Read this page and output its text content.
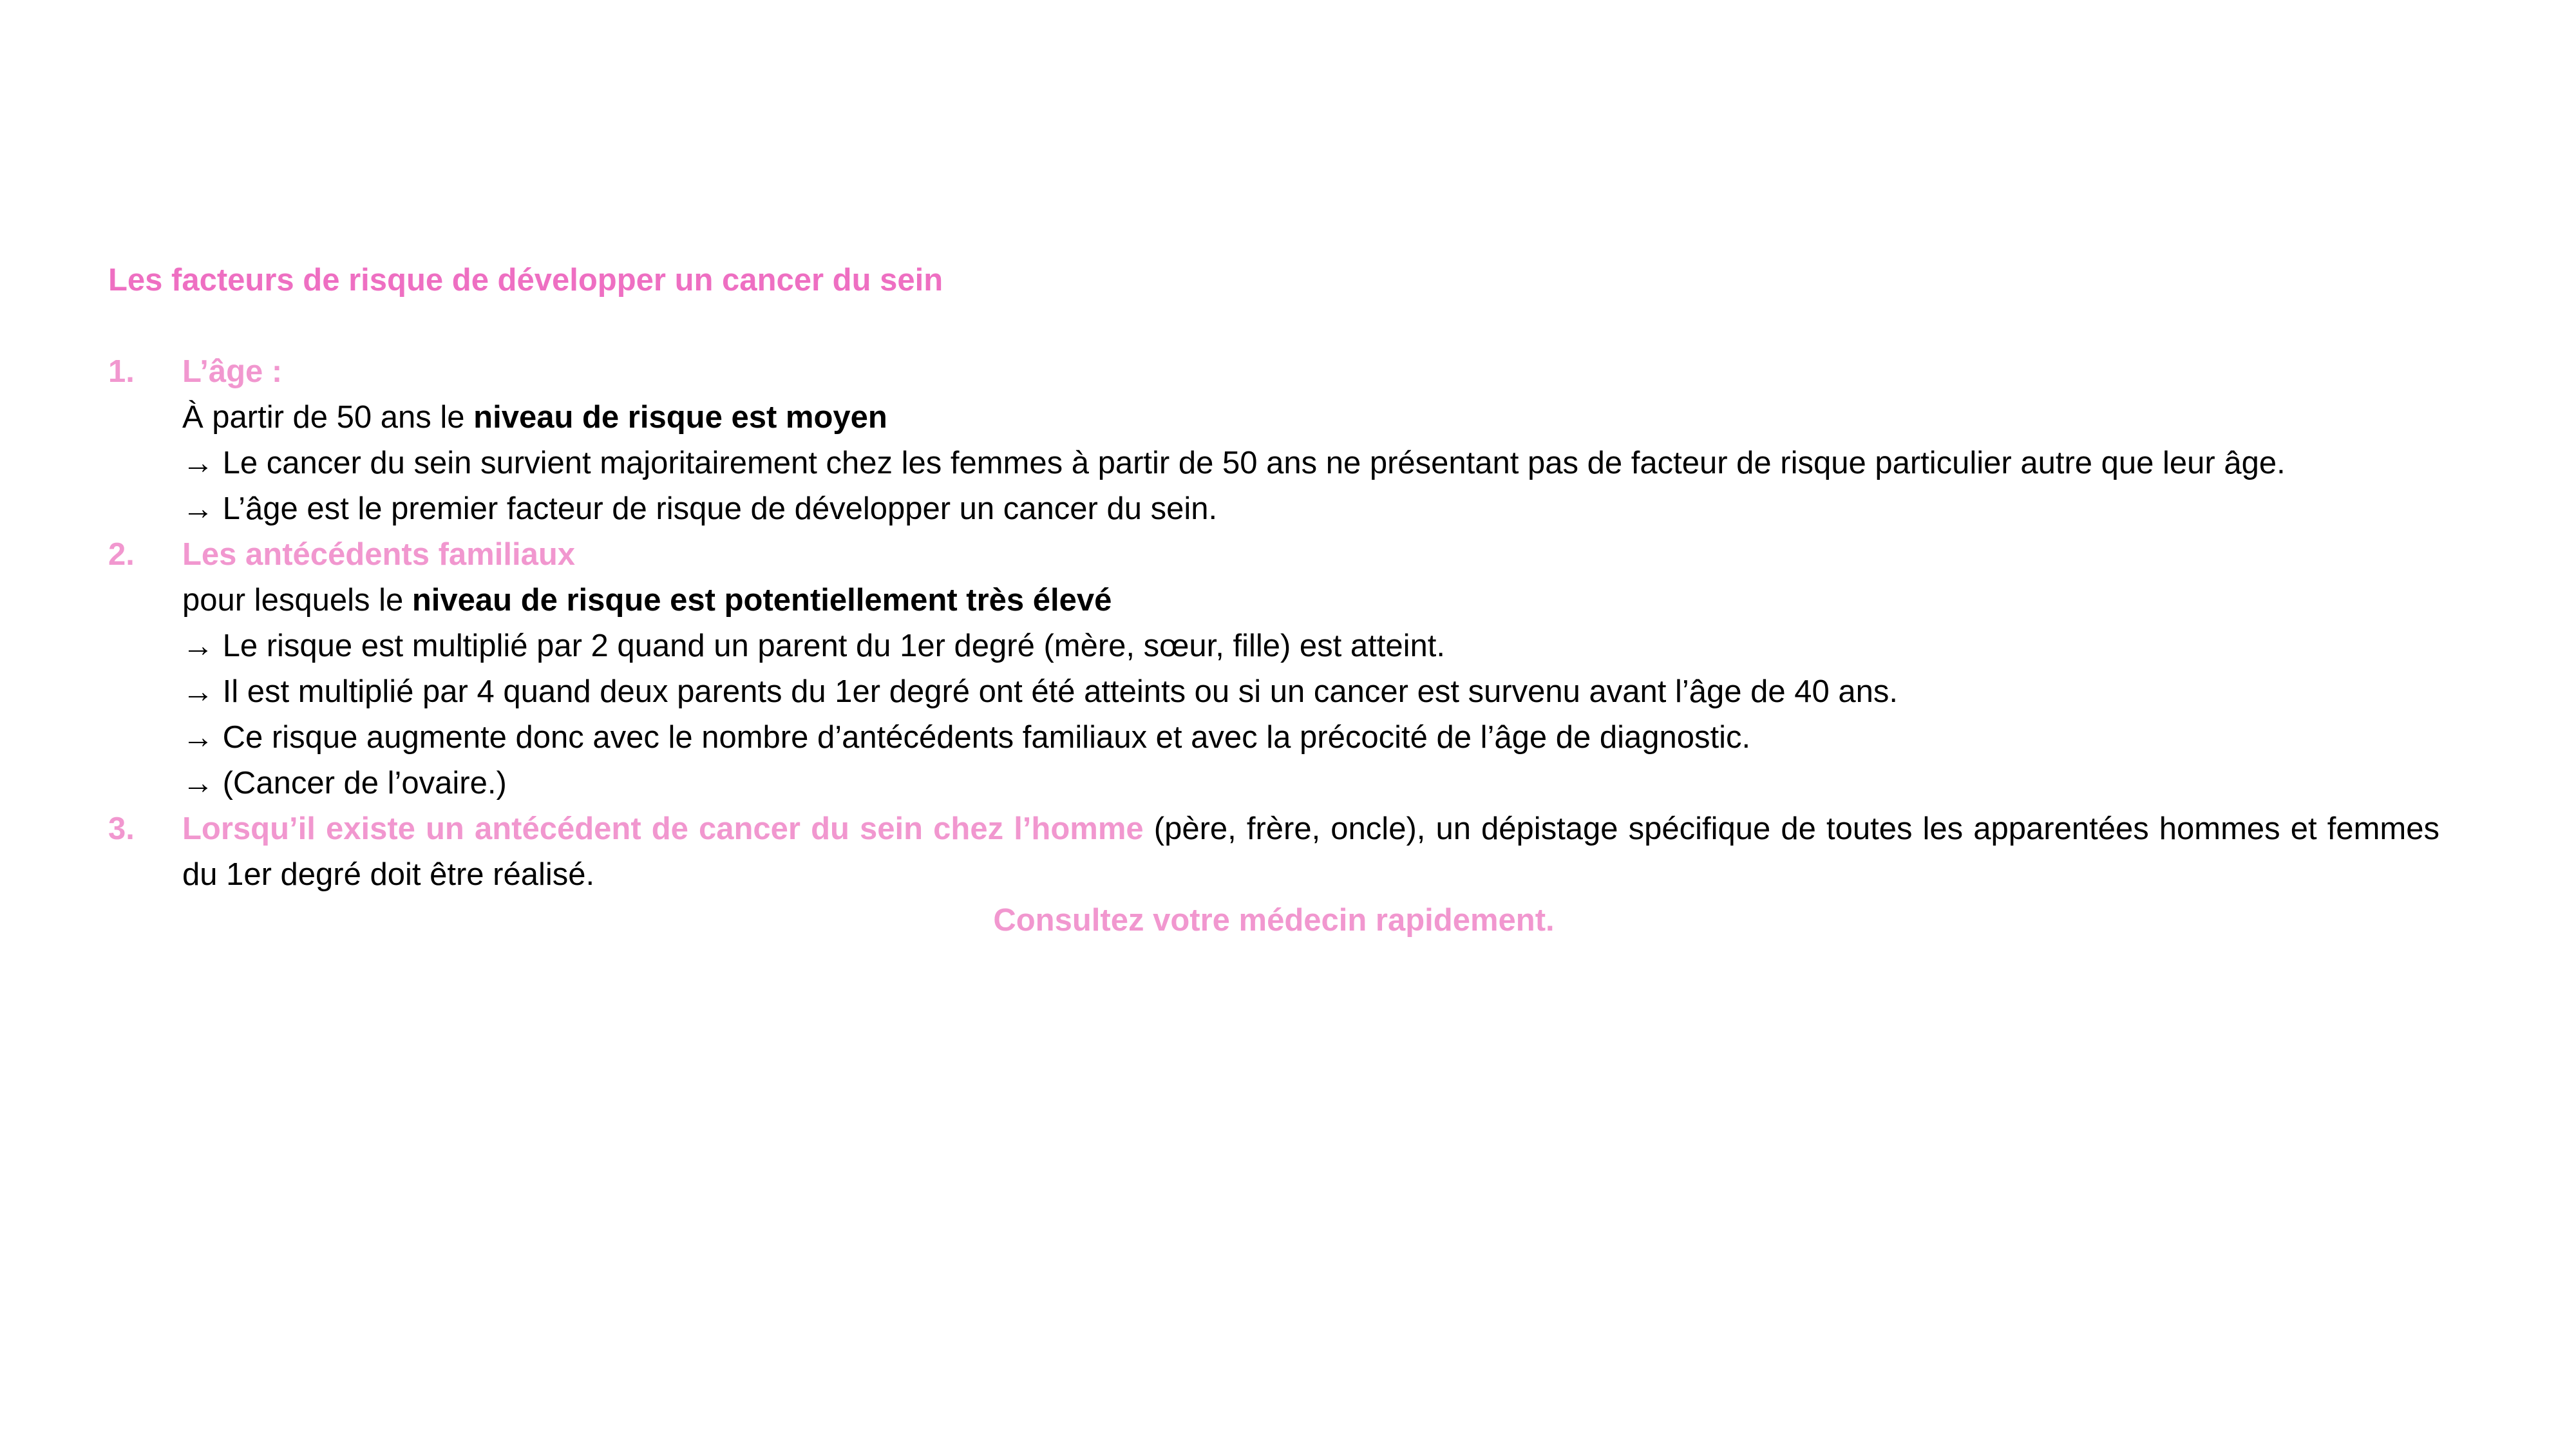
Les facteurs de risque de développer un cancer du sein
1. L’âge :
À partir de 50 ans le niveau de risque est moyen
→ Le cancer du sein survient majoritairement chez les femmes à partir de 50 ans ne présentant pas de facteur de risque particulier autre que leur âge.
→ L’âge est le premier facteur de risque de développer un cancer du sein.
2. Les antécédents familiaux
pour lesquels le niveau de risque est potentiellement très élevé
→ Le risque est multiplié par 2 quand un parent du 1er degré (mère, sœur, fille) est atteint.
→ Il est multiplié par 4 quand deux parents du 1er degré ont été atteints ou si un cancer est survenu avant l’âge de 40 ans.
→ Ce risque augmente donc avec le nombre d’antécédents familiaux et avec la précocité de l’âge de diagnostic.
→ (Cancer de l’ovaire.)
3. Lorsqu’il existe un antécédent de cancer du sein chez l’homme (père, frère, oncle), un dépistage spécifique de toutes les apparentées hommes et femmes du 1er degré doit être réalisé.
Consultez votre médecin rapidement.
